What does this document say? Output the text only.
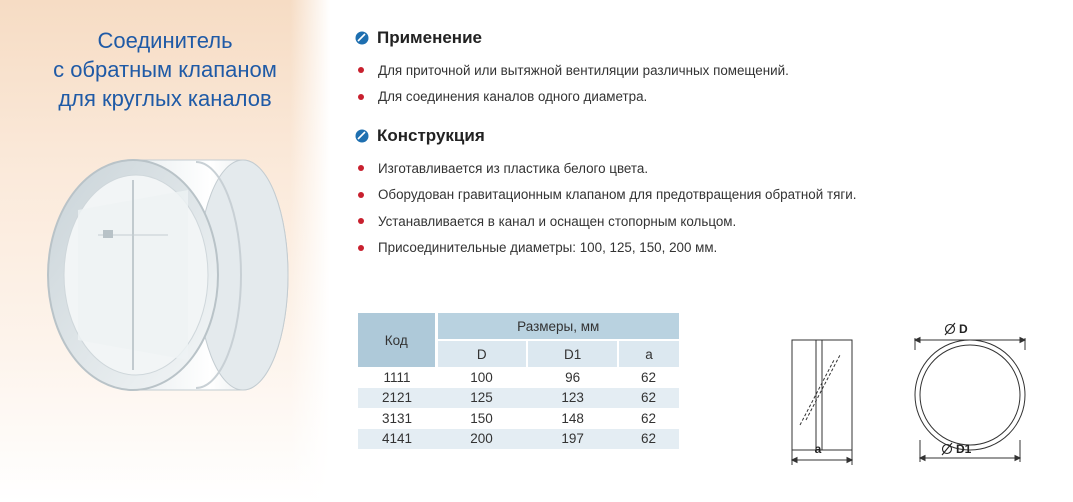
Соединитель
с обратным клапаном
для круглых каналов
Применение
Для приточной или вытяжной вентиляции различных помещений.
Для соединения каналов одного диаметра.
Конструкция
Изготавливается из пластика белого цвета.
Оборудован гравитационным клапаном для предотвращения обратной тяги.
Устанавливается в канал и оснащен стопорным кольцом.
Присоединительные диаметры: 100, 125, 150, 200 мм.
Код	Размеры, мм		
	D	D1	a
1111	100	96	62
2121	125	123	62
3131	150	148	62
4141	200	197	62
a
D
D1
